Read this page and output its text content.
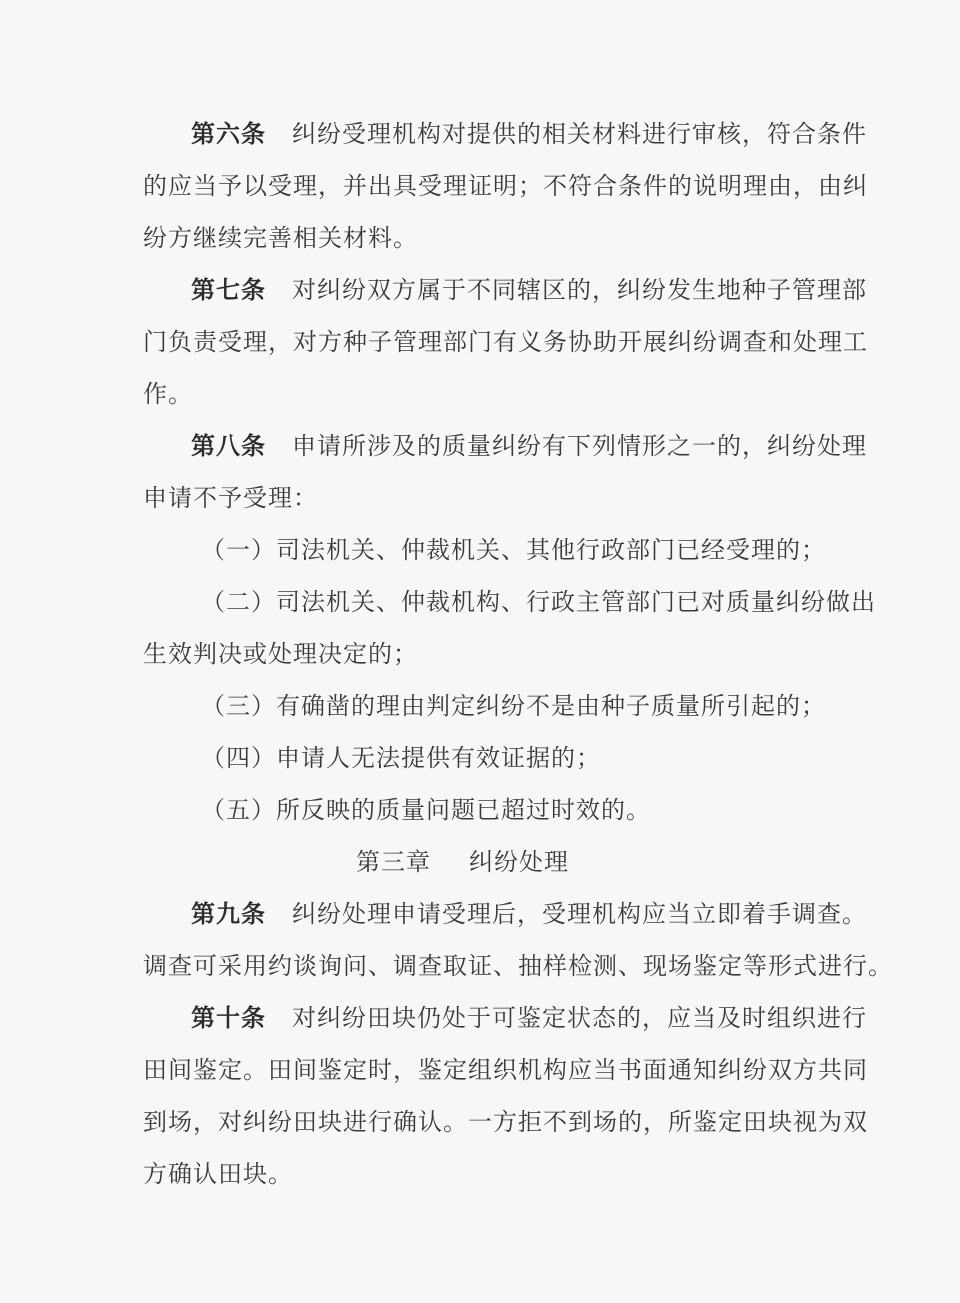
第六条 纠纷受理机构对提供的相关材料进行审核，符合条件
的应当予以受理，并出具受理证明；不符合条件的说明理由，由纠
纷方继续完善相关材料。
第七条 对纠纷双方属于不同辖区的，纠纷发生地种子管理部
门负责受理，对方种子管理部门有义务协助开展纠纷调查和处理工
作。
第八条 申请所涉及的质量纠纷有下列情形之一的，纠纷处理
申请不予受理：
（一）司法机关、仲裁机关、其他行政部门已经受理的；
（二）司法机关、仲裁机构、行政主管部门已对质量纠纷做出
生效判决或处理决定的；
（三）有确凿的理由判定纠纷不是由种子质量所引起的；
（四）申请人无法提供有效证据的；
（五）所反映的质量问题已超过时效的。
第三章 纠纷处理
第九条 纠纷处理申请受理后，受理机构应当立即着手调查。
调查可采用约谈询问、调查取证、抽样检测、现场鉴定等形式进行。
第十条 对纠纷田块仍处于可鉴定状态的，应当及时组织进行
田间鉴定。田间鉴定时，鉴定组织机构应当书面通知纠纷双方共同
到场，对纠纷田块进行确认。一方拒不到场的，所鉴定田块视为双
方确认田块。
